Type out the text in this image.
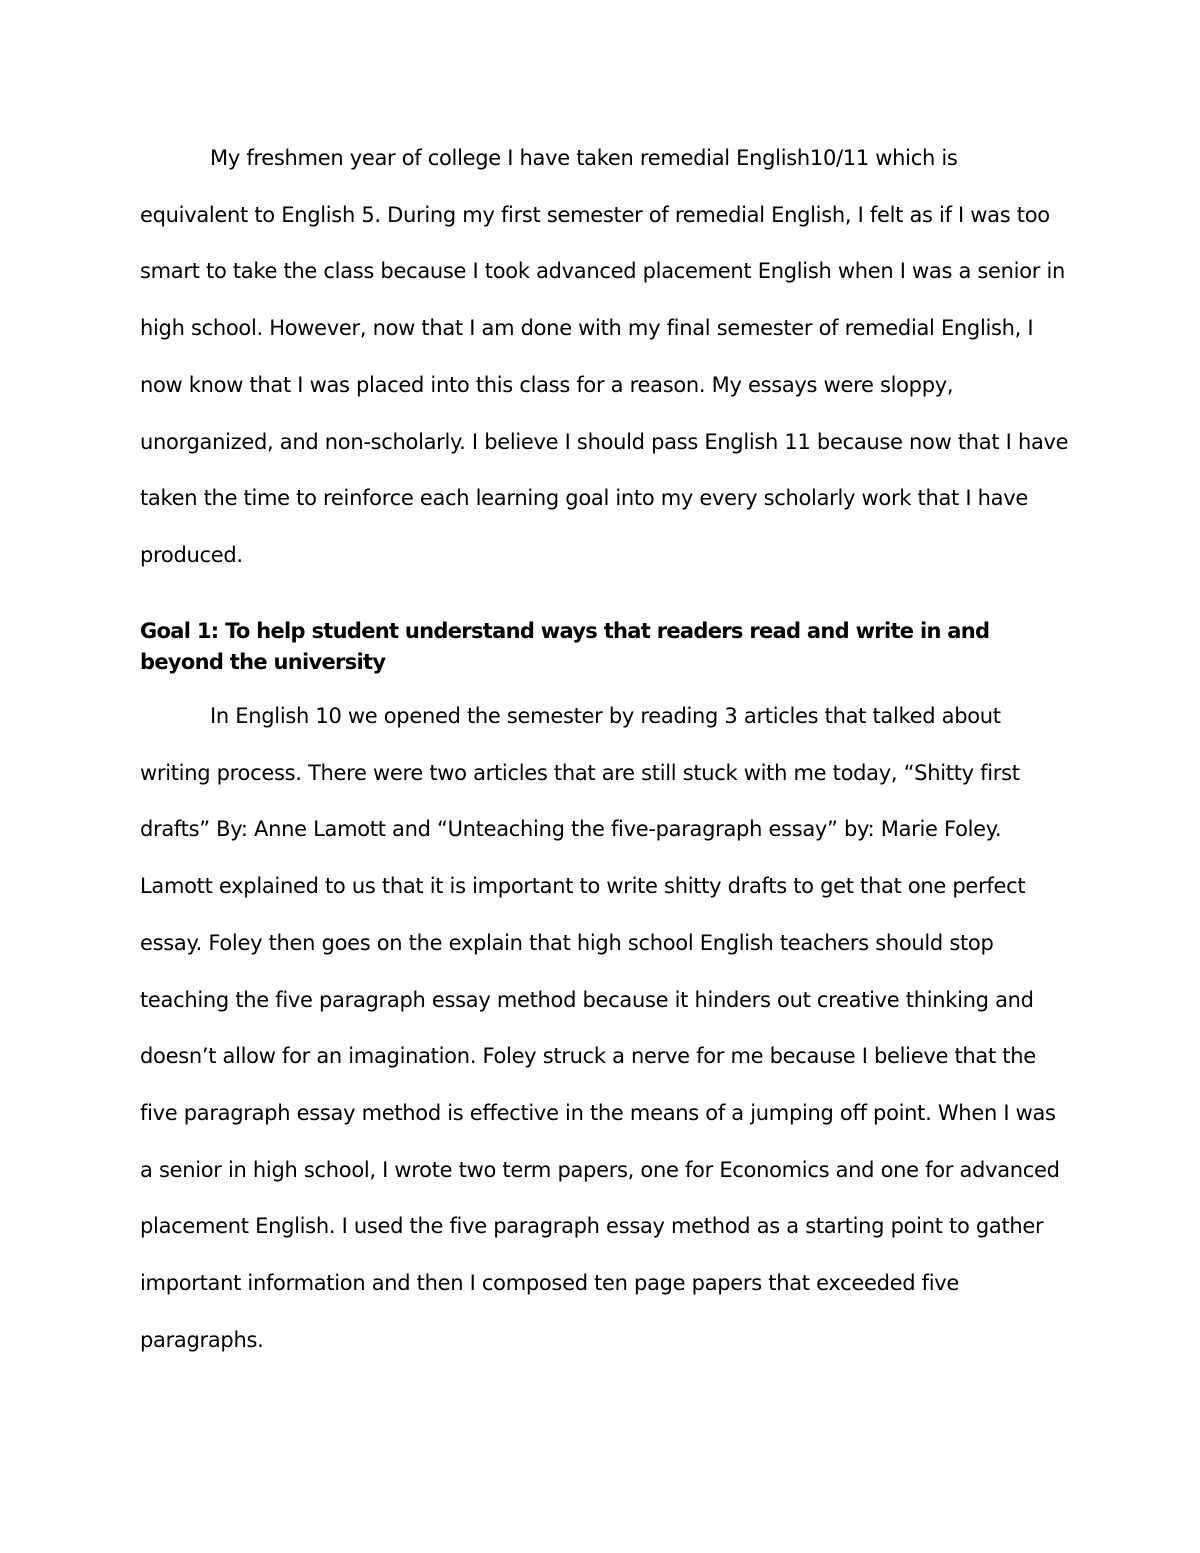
My freshmen year of college I have taken remedial English10/11 which is equivalent to English 5. During my first semester of remedial English, I felt as if I was too smart to take the class because I took advanced placement English when I was a senior in high school. However, now that I am done with my final semester of remedial English, I now know that I was placed into this class for a reason. My essays were sloppy, unorganized, and non-scholarly. I believe I should pass English 11 because now that I have taken the time to reinforce each learning goal into my every scholarly work that I have produced.
Goal 1: To help student understand ways that readers read and write in and beyond the university
In English 10 we opened the semester by reading 3 articles that talked about writing process. There were two articles that are still stuck with me today, “Shitty first drafts” By: Anne Lamott and “Unteaching the five-paragraph essay” by: Marie Foley. Lamott explained to us that it is important to write shitty drafts to get that one perfect essay. Foley then goes on the explain that high school English teachers should stop teaching the five paragraph essay method because it hinders out creative thinking and doesn’t allow for an imagination. Foley struck a nerve for me because I believe that the five paragraph essay method is effective in the means of a jumping off point. When I was a senior in high school, I wrote two term papers, one for Economics and one for advanced placement English. I used the five paragraph essay method as a starting point to gather important information and then I composed ten page papers that exceeded five paragraphs.
